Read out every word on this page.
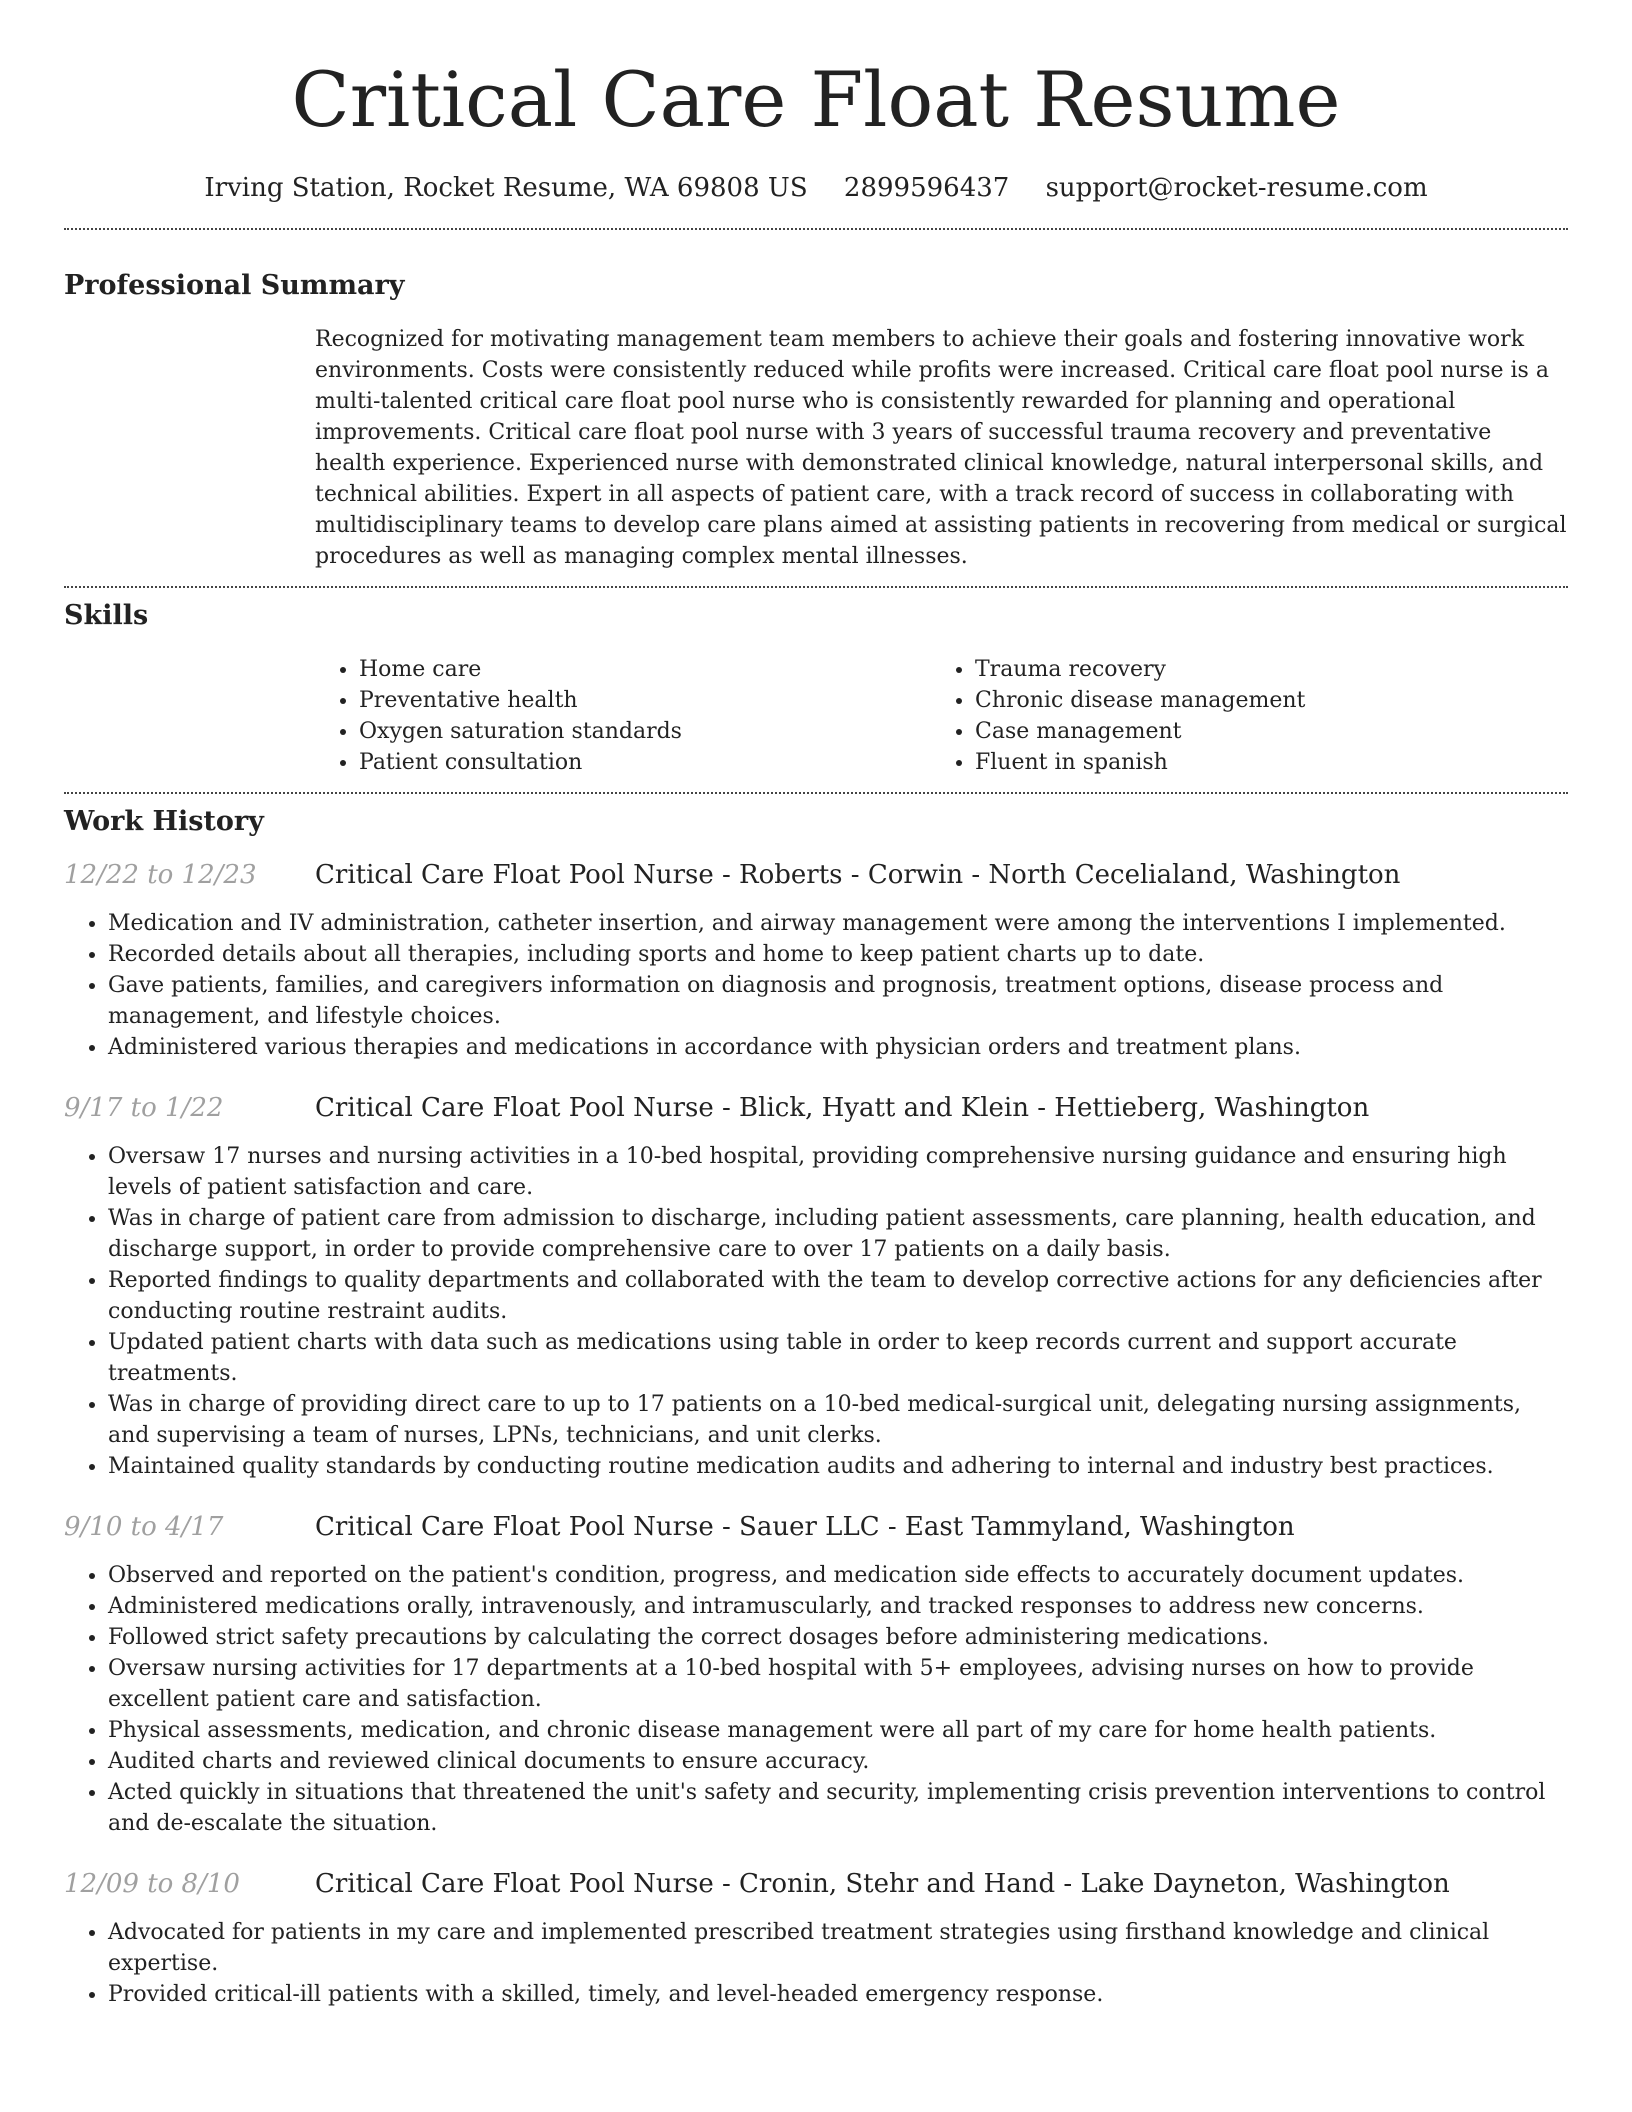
Critical Care Float Resume
Irving Station, Rocket Resume, WA 69808 US 2899596437 support@rocket-resume.com
Professional Summary

Recognized for motivating management team members to achieve their goals and fostering innovative work environments. Costs were consistently reduced while profits were increased. Critical care float pool nurse is a multi-talented critical care float pool nurse who is consistently rewarded for planning and operational improvements. Critical care float pool nurse with 3 years of successful trauma recovery and preventative health experience. Experienced nurse with demonstrated clinical knowledge, natural interpersonal skills, and technical abilities. Expert in all aspects of patient care, with a track record of success in collaborating with multidisciplinary teams to develop care plans aimed at assisting patients in recovering from medical or surgical procedures as well as managing complex mental illnesses.

Skills
• Home care
• Preventative health
• Oxygen saturation standards
• Patient consultation
• Trauma recovery
• Chronic disease management
• Case management
• Fluent in spanish
Work History
12/22 to 12/23	Critical Care Float Pool Nurse - Roberts - Corwin - North Cecelialand, Washington
• Medication and IV administration, catheter insertion, and airway management were among the interventions I implemented.
• Recorded details about all therapies, including sports and home to keep patient charts up to date.
• Gave patients, families, and caregivers information on diagnosis and prognosis, treatment options, disease process and management, and lifestyle choices.
• Administered various therapies and medications in accordance with physician orders and treatment plans.
9/17 to 1/22	Critical Care Float Pool Nurse - Blick, Hyatt and Klein - Hettieberg, Washington
• Oversaw 17 nurses and nursing activities in a 10-bed hospital, providing comprehensive nursing guidance and ensuring high levels of patient satisfaction and care.
• Was in charge of patient care from admission to discharge, including patient assessments, care planning, health education, and discharge support, in order to provide comprehensive care to over 17 patients on a daily basis.
• Reported findings to quality departments and collaborated with the team to develop corrective actions for any deficiencies after conducting routine restraint audits.
• Updated patient charts with data such as medications using table in order to keep records current and support accurate treatments.
• Was in charge of providing direct care to up to 17 patients on a 10-bed medical-surgical unit, delegating nursing assignments, and supervising a team of nurses, LPNs, technicians, and unit clerks.
• Maintained quality standards by conducting routine medication audits and adhering to internal and industry best practices.
9/10 to 4/17	Critical Care Float Pool Nurse - Sauer LLC - East Tammyland, Washington
• Observed and reported on the patient's condition, progress, and medication side effects to accurately document updates.
• Administered medications orally, intravenously, and intramuscularly, and tracked responses to address new concerns.
• Followed strict safety precautions by calculating the correct dosages before administering medications.
• Oversaw nursing activities for 17 departments at a 10-bed hospital with 5+ employees, advising nurses on how to provide excellent patient care and satisfaction.
• Physical assessments, medication, and chronic disease management were all part of my care for home health patients.
• Audited charts and reviewed clinical documents to ensure accuracy.
• Acted quickly in situations that threatened the unit's safety and security, implementing crisis prevention interventions to control and de-escalate the situation.
12/09 to 8/10	Critical Care Float Pool Nurse - Cronin, Stehr and Hand - Lake Dayneton, Washington
• Advocated for patients in my care and implemented prescribed treatment strategies using firsthand knowledge and clinical expertise.
• Provided critical-ill patients with a skilled, timely, and level-headed emergency response.
